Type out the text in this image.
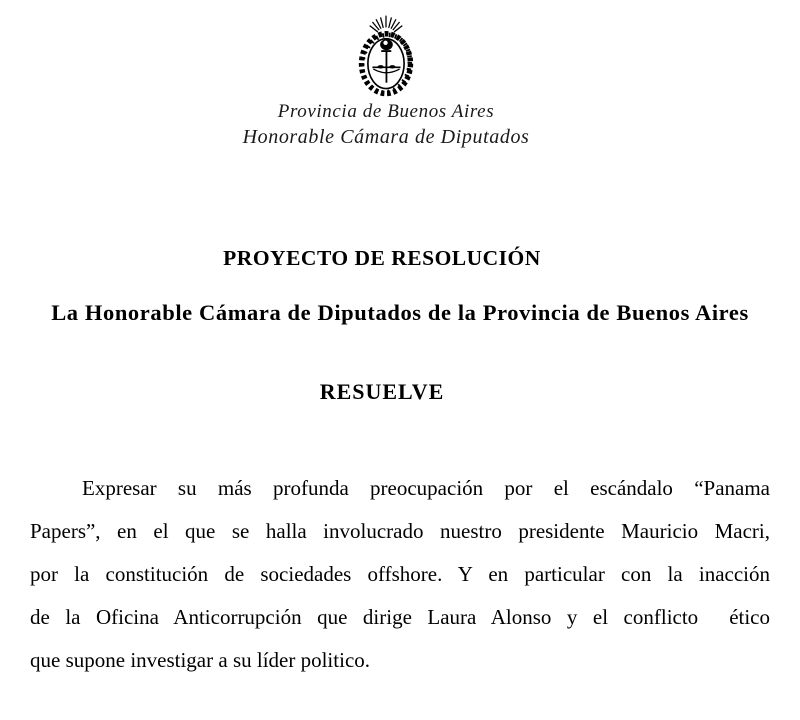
Provincia de Buenos Aires
Honorable Cámara de Diputados
PROYECTO DE RESOLUCIÓN
La Honorable Cámara de Diputados de la Provincia de Buenos Aires
RESUELVE
Expresar su más profunda preocupación por el escándalo “Panama
Papers”, en el que se halla involucrado nuestro presidente Mauricio Macri,
por la constitución de sociedades offshore. Y en particular con la inacción
de la Oficina Anticorrupción que dirige Laura Alonso y el conflicto  ético
que supone investigar a su líder politico.
